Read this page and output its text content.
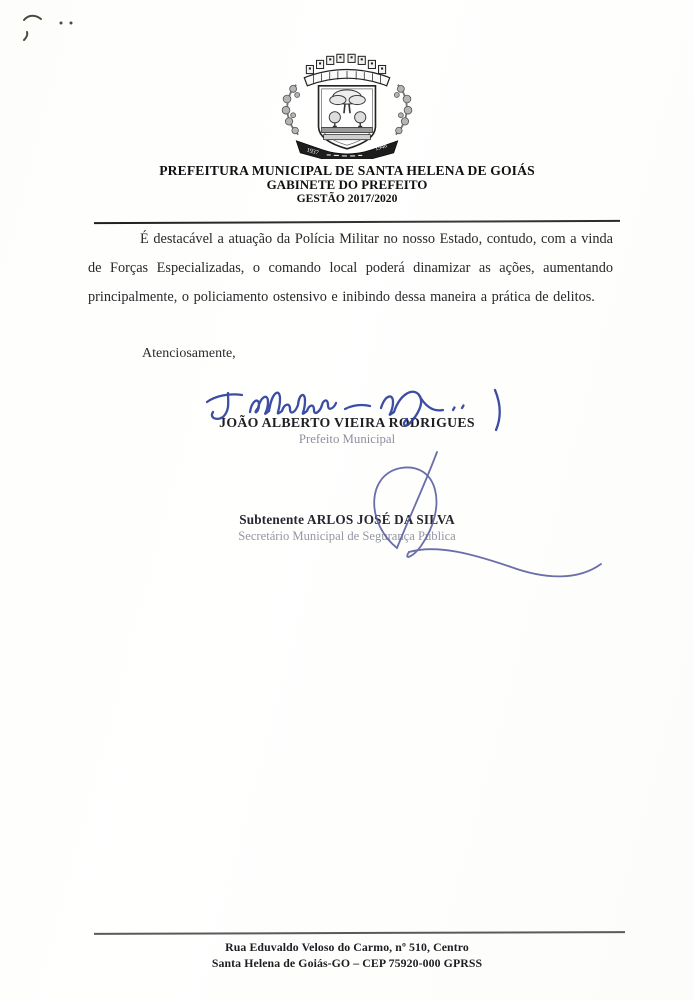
1937	1948
PREFEITURA MUNICIPAL DE SANTA HELENA DE GOIÁS
GABINETE DO PREFEITO
GESTÃO 2017/2020

É destacável a atuação da Polícia Militar no nosso Estado, contudo, com a vinda de Forças Especializadas, o comando local poderá dinamizar as ações, aumentando principalmente, o policiamento ostensivo e inibindo dessa maneira a prática de delitos.

Atenciosamente,
JOÃO ALBERTO VIEIRA RODRIGUES
Prefeito Municipal
Subtenente ARLOS JOSÉ DA SILVA
Secretário Municipal de Segurança Pública
Rua Eduvaldo Veloso do Carmo, nº 510, Centro
Santa Helena de Goiás-GO – CEP 75920-000 GPRSS
